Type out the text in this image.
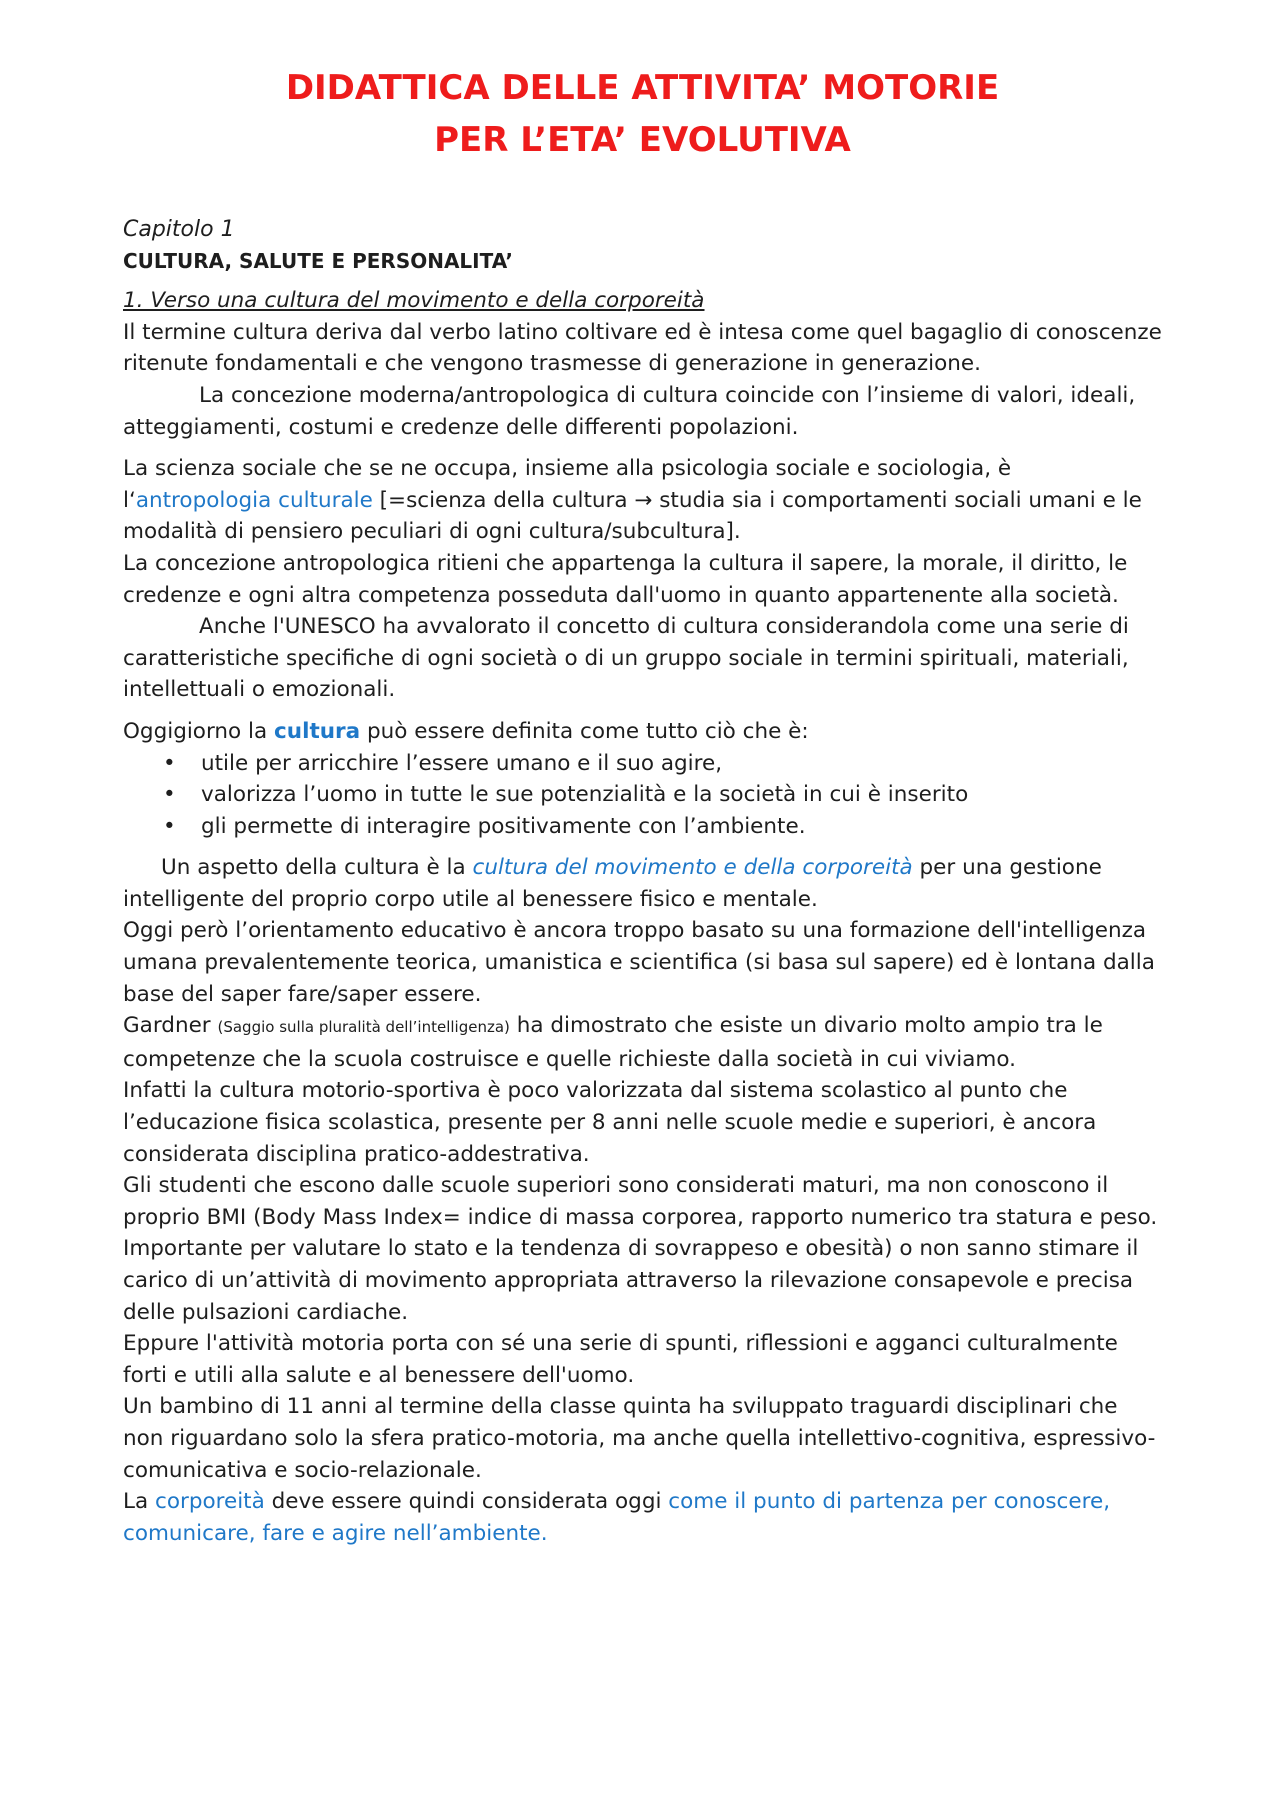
DIDATTICA DELLE ATTIVITA’ MOTORIE
PER L’ETA’ EVOLUTIVA

Capitolo 1

CULTURA, SALUTE E PERSONALITA’

1. Verso una cultura del movimento e della corporeità

Il termine cultura deriva dal verbo latino coltivare ed è intesa come quel bagaglio di conoscenze ritenute fondamentali e che vengono trasmesse di generazione in generazione.

La concezione moderna/antropologica di cultura coincide con l’insieme di valori, ideali, atteggiamenti, costumi e credenze delle differenti popolazioni.

La scienza sociale che se ne occupa, insieme alla psicologia sociale e sociologia, è l‘antropologia culturale [=scienza della cultura → studia sia i comportamenti sociali umani e le modalità di pensiero peculiari di ogni cultura/subcultura].

La concezione antropologica ritieni che appartenga la cultura il sapere, la morale, il diritto, le credenze e ogni altra competenza posseduta dall'uomo in quanto appartenente alla società.

Anche l'UNESCO ha avvalorato il concetto di cultura considerandola come una serie di caratteristiche specifiche di ogni società o di un gruppo sociale in termini spirituali, materiali, intellettuali o emozionali.

Oggigiorno la cultura può essere definita come tutto ciò che è:

• utile per arricchire l’essere umano e il suo agire,
• valorizza l’uomo in tutte le sue potenzialità e la società in cui è inserito
• gli permette di interagire positivamente con l’ambiente.

Un aspetto della cultura è la cultura del movimento e della corporeità per una gestione intelligente del proprio corpo utile al benessere fisico e mentale.

Oggi però l’orientamento educativo è ancora troppo basato su una formazione dell'intelligenza umana prevalentemente teorica, umanistica e scientifica (si basa sul sapere) ed è lontana dalla base del saper fare/saper essere.

Gardner (Saggio sulla pluralità dell’intelligenza) ha dimostrato che esiste un divario molto ampio tra le competenze che la scuola costruisce e quelle richieste dalla società in cui viviamo.

Infatti la cultura motorio-sportiva è poco valorizzata dal sistema scolastico al punto che l’educazione fisica scolastica, presente per 8 anni nelle scuole medie e superiori, è ancora considerata disciplina pratico-addestrativa.

Gli studenti che escono dalle scuole superiori sono considerati maturi, ma non conoscono il proprio BMI (Body Mass Index= indice di massa corporea, rapporto numerico tra statura e peso. Importante per valutare lo stato e la tendenza di sovrappeso e obesità) o non sanno stimare il carico di un’attività di movimento appropriata attraverso la rilevazione consapevole e precisa delle pulsazioni cardiache.

Eppure l'attività motoria porta con sé una serie di spunti, riflessioni e agganci culturalmente forti e utili alla salute e al benessere dell'uomo.

Un bambino di 11 anni al termine della classe quinta ha sviluppato traguardi disciplinari che non riguardano solo la sfera pratico-motoria, ma anche quella intellettivo-cognitiva, espressivo-comunicativa e socio-relazionale.

La corporeità deve essere quindi considerata oggi come il punto di partenza per conoscere, comunicare, fare e agire nell’ambiente.
